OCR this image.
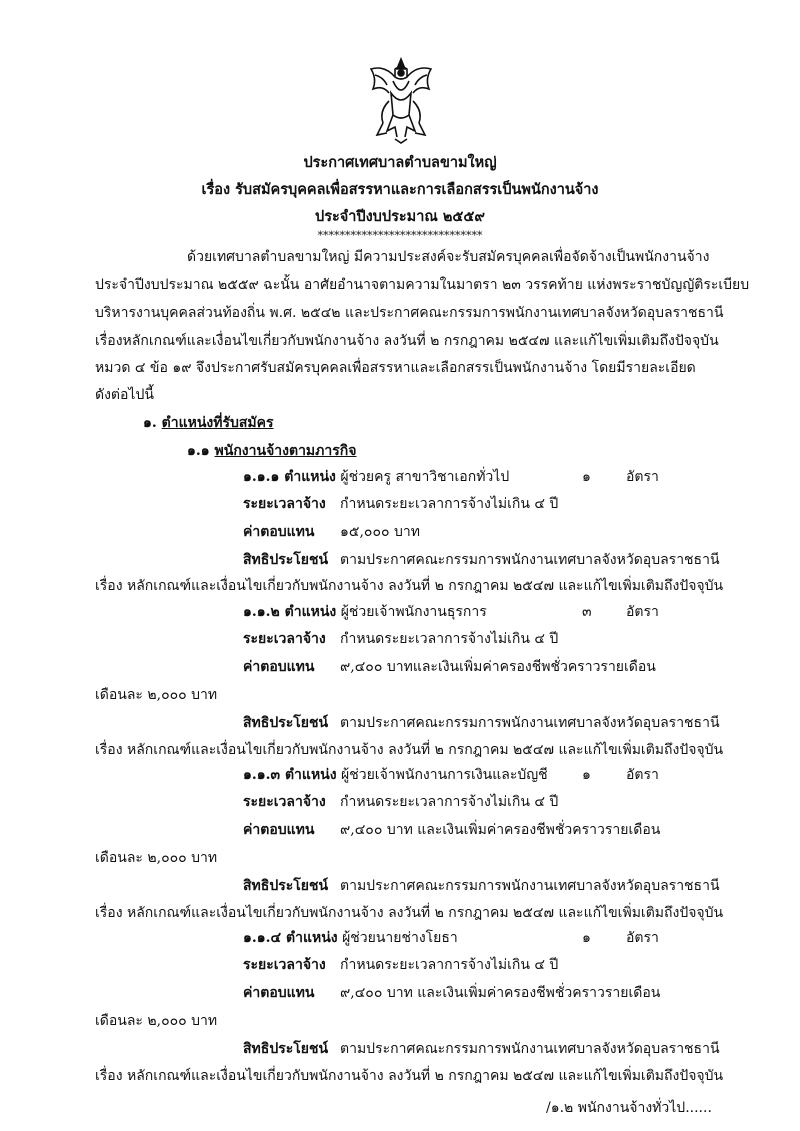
ประกาศเทศบาลตำบลขามใหญ่
เรื่อง รับสมัครบุคคลเพื่อสรรหาและการเลือกสรรเป็นพนักงานจ้าง
ประจำปีงบประมาณ ๒๕๕๙
******************************
ด้วยเทศบาลตำบลขามใหญ่ มีความประสงค์จะรับสมัครบุคคลเพื่อจัดจ้างเป็นพนักงานจ้าง
ประจำปีงบประมาณ ๒๕๕๙ ฉะนั้น อาศัยอำนาจตามความในมาตรา ๒๓ วรรคท้าย แห่งพระราชบัญญัติระเบียบ
บริหารงานบุคคลส่วนท้องถิ่น พ.ศ. ๒๕๔๒ และประกาศคณะกรรมการพนักงานเทศบาลจังหวัดอุบลราชธานี
เรื่องหลักเกณฑ์และเงื่อนไขเกี่ยวกับพนักงานจ้าง ลงวันที่ ๒ กรกฎาคม ๒๕๔๗ และแก้ไขเพิ่มเติมถึงปัจจุบัน
หมวด ๔ ข้อ ๑๙ จึงประกาศรับสมัครบุคคลเพื่อสรรหาและเลือกสรรเป็นพนักงานจ้าง โดยมีรายละเอียด
ดังต่อไปนี้
๑. ตำแหน่งที่รับสมัคร
๑.๑ พนักงานจ้างตามภารกิจ
๑.๑.๑ ตำแหน่ง ผู้ช่วยครู สาขาวิชาเอกทั่วไป	๑	อัตรา
ระยะเวลาจ้าง กำหนดระยะเวลาการจ้างไม่เกิน ๔ ปี
ค่าตอบแทน ๑๕,๐๐๐ บาท
สิทธิประโยชน์ ตามประกาศคณะกรรมการพนักงานเทศบาลจังหวัดอุบลราชธานี
เรื่อง หลักเกณฑ์และเงื่อนไขเกี่ยวกับพนักงานจ้าง ลงวันที่ ๒ กรกฎาคม ๒๕๔๗ และแก้ไขเพิ่มเติมถึงปัจจุบัน
๑.๑.๒ ตำแหน่ง ผู้ช่วยเจ้าพนักงานธุรการ	๓ อัตรา
ระยะเวลาจ้าง กำหนดระยะเวลาการจ้างไม่เกิน ๔ ปี
ค่าตอบแทน ๙,๔๐๐ บาทและเงินเพิ่มค่าครองชีพชั่วคราวรายเดือน
เดือนละ ๒,๐๐๐ บาท
สิทธิประโยชน์ ตามประกาศคณะกรรมการพนักงานเทศบาลจังหวัดอุบลราชธานี
เรื่อง หลักเกณฑ์และเงื่อนไขเกี่ยวกับพนักงานจ้าง ลงวันที่ ๒ กรกฎาคม ๒๕๔๗ และแก้ไขเพิ่มเติมถึงปัจจุบัน
๑.๑.๓ ตำแหน่ง ผู้ช่วยเจ้าพนักงานการเงินและบัญชี ๑	อัตรา
ระยะเวลาจ้าง กำหนดระยะเวลาการจ้างไม่เกิน ๔ ปี
ค่าตอบแทน ๙,๔๐๐ บาท และเงินเพิ่มค่าครองชีพชั่วคราวรายเดือน
เดือนละ ๒,๐๐๐ บาท
สิทธิประโยชน์ ตามประกาศคณะกรรมการพนักงานเทศบาลจังหวัดอุบลราชธานี
เรื่อง หลักเกณฑ์และเงื่อนไขเกี่ยวกับพนักงานจ้าง ลงวันที่ ๒ กรกฎาคม ๒๕๔๗ และแก้ไขเพิ่มเติมถึงปัจจุบัน
๑.๑.๔ ตำแหน่ง ผู้ช่วยนายช่างโยธา	๑	อัตรา
ระยะเวลาจ้าง กำหนดระยะเวลาการจ้างไม่เกิน ๔ ปี
ค่าตอบแทน ๙,๔๐๐ บาท และเงินเพิ่มค่าครองชีพชั่วคราวรายเดือน
เดือนละ ๒,๐๐๐ บาท
สิทธิประโยชน์ ตามประกาศคณะกรรมการพนักงานเทศบาลจังหวัดอุบลราชธานี
เรื่อง หลักเกณฑ์และเงื่อนไขเกี่ยวกับพนักงานจ้าง ลงวันที่ ๒ กรกฎาคม ๒๕๔๗ และแก้ไขเพิ่มเติมถึงปัจจุบัน
/๑.๒ พนักงานจ้างทั่วไป......
